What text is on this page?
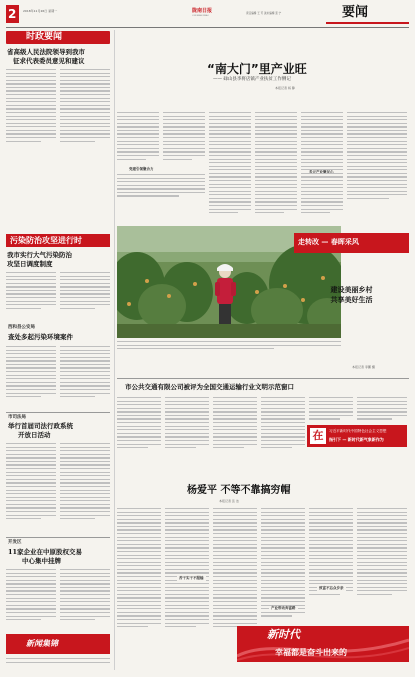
2 2018年11月26日 星期一	陇南日报
LONGNAN RIBAO
责任编辑 王 芳 美术编辑 张 宁	要闻
时政要闻
省高级人民法院领导到我市
征求代表委员意见和建议
污染防治攻坚进行时
我市实行大气污染防治
攻坚日调度制度
西和县公安局
查处多起污染环境案件
市司法局
举行首届司法行政系统
开放日活动
开发区
11家企业在中原股权交易
中心集中挂牌
新闻集锦
“南大门”里产业旺
—— 碌山县李将店镇产业扶贫工作侧记
本报记者 杨 静
党建引领聚合力
走转改 — 春晖采风
建设美丽乡村
共享美好生活
本报记者 李鹏 摄
市公共交通有限公司被评为全国交通运输行业文明示范窗口
在	习近平新时代中国特色社会主义思想
指引下 — 新时代新气象新作为
杨爱平 不等不靠搞穷帽
本报记者 张 洁
苦干实干不服输
产业带动奔富路
致富不忘众乡亲
新时代
幸福都是奋斗出来的
